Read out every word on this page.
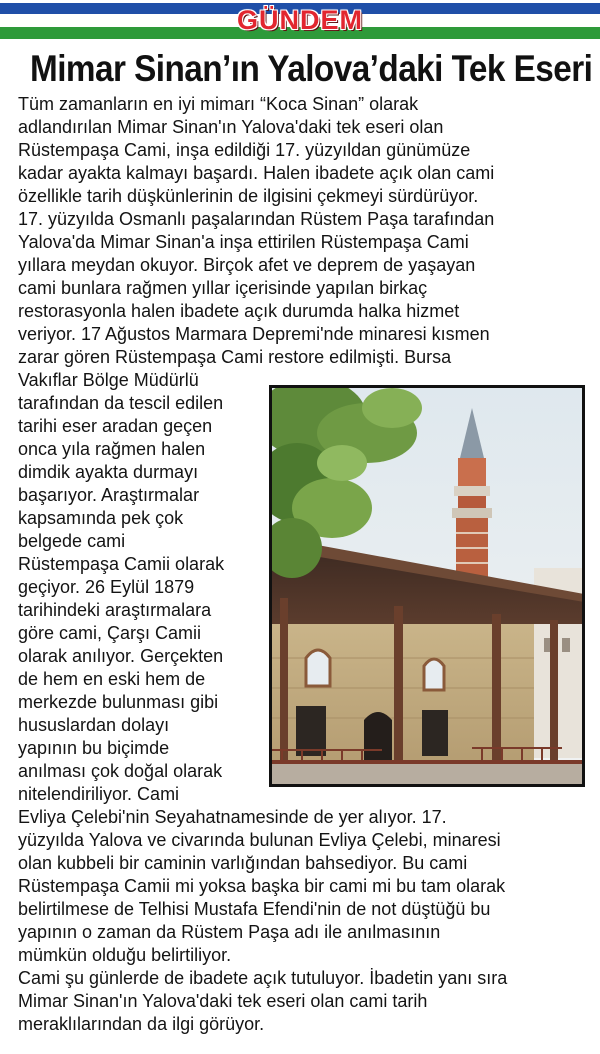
GÜNDEM
Mimar Sinan’ın Yalova’daki Tek Eseri
Tüm zamanların en iyi mimarı “Koca Sinan” olarak
adlandırılan Mimar Sinan'ın Yalova'daki tek eseri olan
Rüstempaşa Cami, inşa edildiği 17. yüzyıldan günümüze
kadar ayakta kalmayı başardı. Halen ibadete açık olan cami
özellikle tarih düşkünlerinin de ilgisini çekmeyi sürdürüyor.
17. yüzyılda Osmanlı paşalarından Rüstem Paşa tarafından
Yalova'da Mimar Sinan'a inşa ettirilen Rüstempaşa Cami
yıllara meydan okuyor. Birçok afet ve deprem de yaşayan
cami bunlara rağmen yıllar içerisinde yapılan birkaç
restorasyonla halen ibadete açık durumda halka hizmet
veriyor. 17 Ağustos Marmara Depremi'nde minaresi kısmen
zarar gören Rüstempaşa Cami restore edilmişti. Bursa
Vakıflar Bölge Müdürlü
tarafından da tescil edilen
tarihi eser aradan geçen
onca yıla rağmen halen
dimdik ayakta durmayı
başarıyor. Araştırmalar
kapsamında pek çok
belgede cami
Rüstempaşa Camii olarak
geçiyor. 26 Eylül 1879
tarihindeki araştırmalara
göre cami, Çarşı Camii
olarak anılıyor. Gerçekten
de hem en eski hem de
merkezde bulunması gibi
hususlardan dolayı
yapının bu biçimde
anılması çok doğal olarak
nitelendiriliyor. Cami
Evliya Çelebi'nin Seyahatnamesinde de yer alıyor. 17.
yüzyılda Yalova ve civarında bulunan Evliya Çelebi, minaresi
olan kubbeli bir caminin varlığından bahsediyor. Bu cami
Rüstempaşa Camii mi yoksa başka bir cami mi bu tam olarak
belirtilmese de Telhisi Mustafa Efendi'nin de not düştüğü bu
yapının o zaman da Rüstem Paşa adı ile anılmasının
mümkün olduğu belirtiliyor.
Cami şu günlerde de ibadete açık tutuluyor. İbadetin yanı sıra
Mimar Sinan'ın Yalova'daki tek eseri olan cami tarih
meraklılarından da ilgi görüyor.
